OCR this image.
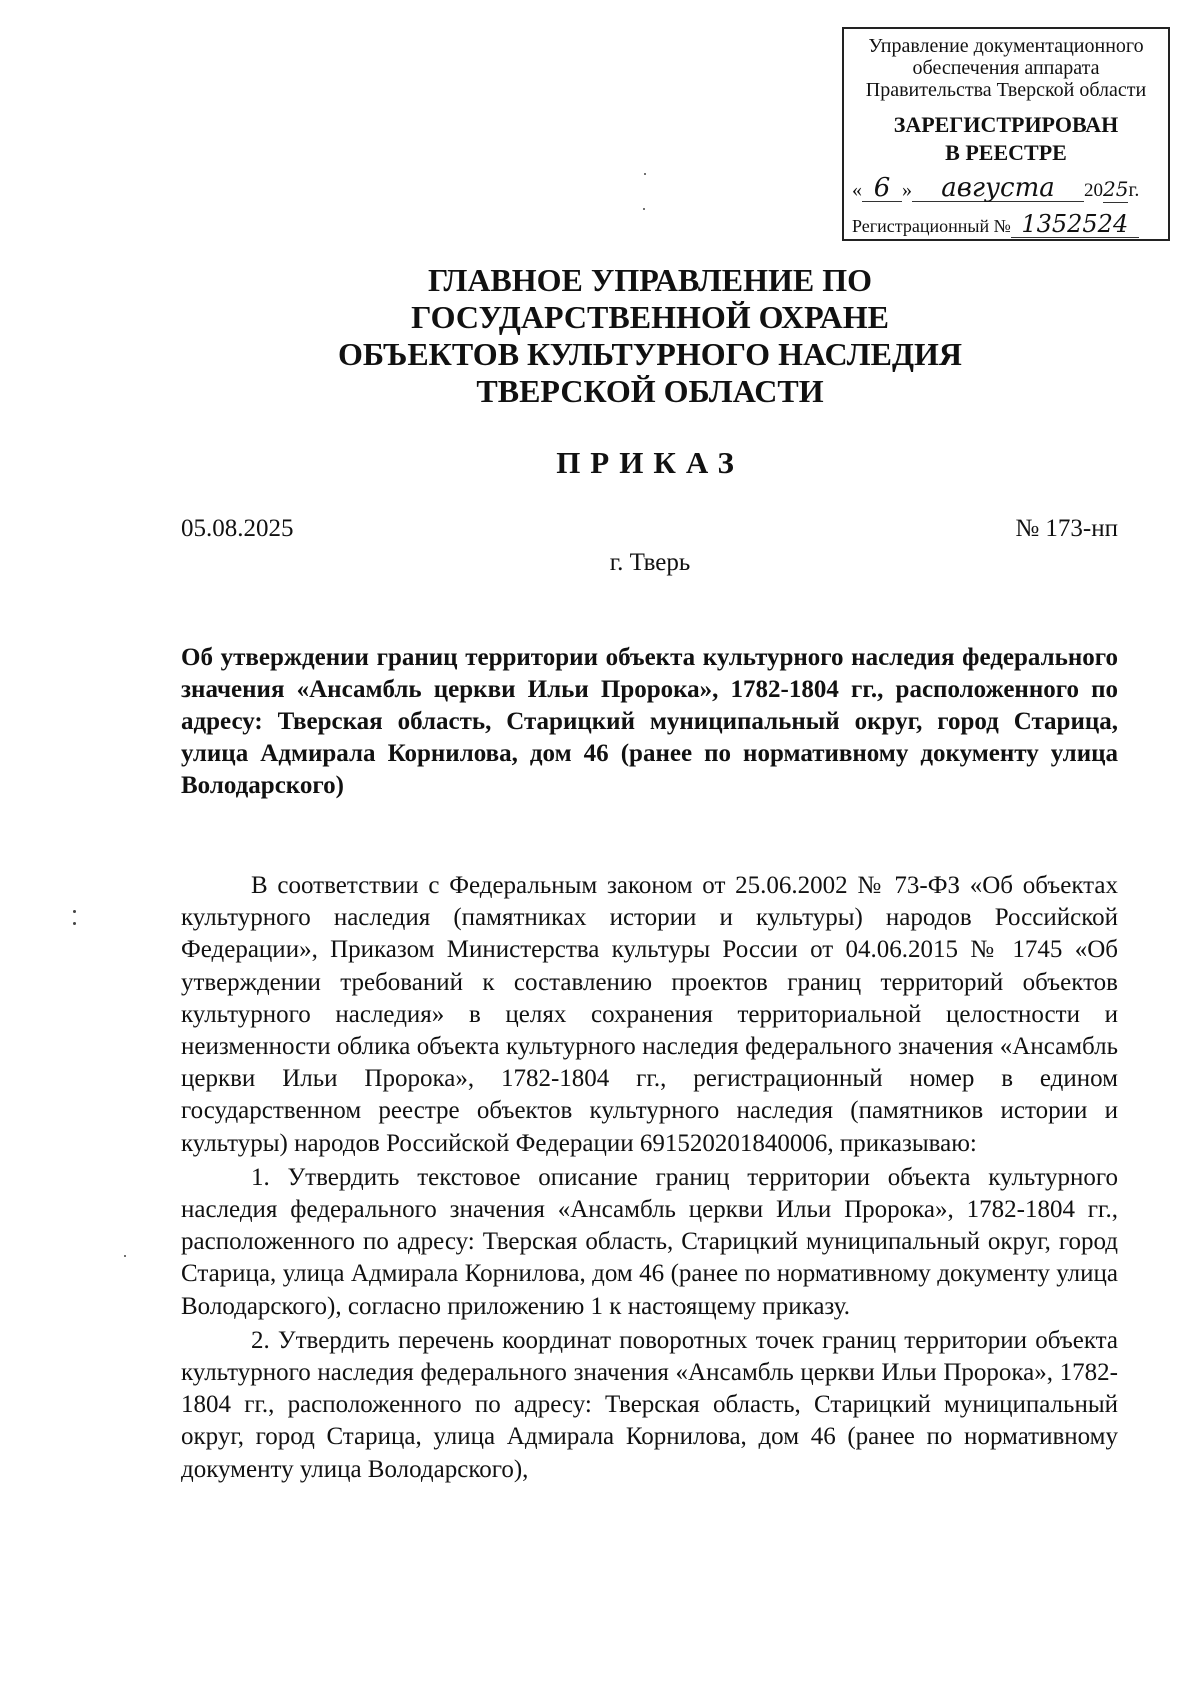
Управление документационного
обеспечения аппарата
Правительства Тверской области
ЗАРЕГИСТРИРОВАН
В РЕЕСТРЕ
« 6 » августа 2025г.
Регистрационный № 1352524
ГЛАВНОЕ УПРАВЛЕНИЕ ПО
ГОСУДАРСТВЕННОЙ ОХРАНЕ
ОБЪЕКТОВ КУЛЬТУРНОГО НАСЛЕДИЯ
ТВЕРСКОЙ ОБЛАСТИ
ПРИКАЗ
05.08.2025	№ 173-нп
г. Тверь

Об утверждении границ территории объекта культурного наследия федерального значения «Ансамбль церкви Ильи Пророка», 1782-1804 гг., расположенного по адресу: Тверская область, Старицкий муниципальный округ, город Старица, улица Адмирала Корнилова, дом 46 (ранее по нормативному документу улица Володарского)

В соответствии с Федеральным законом от 25.06.2002 № 73-ФЗ «Об объектах культурного наследия (памятниках истории и культуры) народов Российской Федерации», Приказом Министерства культуры России от 04.06.2015 № 1745 «Об утверждении требований к составлению проектов границ территорий объектов культурного наследия» в целях сохранения территориальной целостности и неизменности облика объекта культурного наследия федерального значения «Ансамбль церкви Ильи Пророка», 1782-1804 гг., регистрационный номер в едином государственном реестре объектов культурного наследия (памятников истории и культуры) народов Российской Федерации 691520201840006, приказываю:

1. Утвердить текстовое описание границ территории объекта культурного наследия федерального значения «Ансамбль церкви Ильи Пророка», 1782-1804 гг., расположенного по адресу: Тверская область, Старицкий муниципальный округ, город Старица, улица Адмирала Корнилова, дом 46 (ранее по нормативному документу улица Володарского), согласно приложению 1 к настоящему приказу.

2. Утвердить перечень координат поворотных точек границ территории объекта культурного наследия федерального значения «Ансамбль церкви Ильи Пророка», 1782-1804 гг., расположенного по адресу: Тверская область, Старицкий муниципальный округ, город Старица, улица Адмирала Корнилова, дом 46 (ранее по нормативному документу улица Володарского),
